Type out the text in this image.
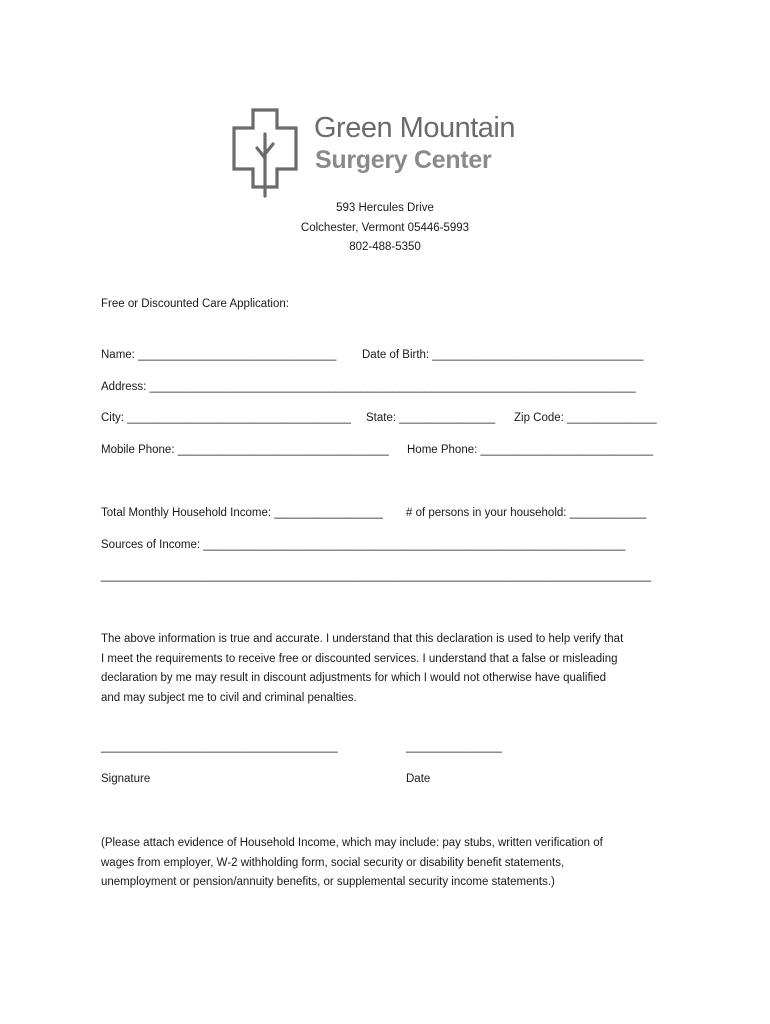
Green Mountain
Surgery Center
593 Hercules Drive
Colchester, Vermont 05446-5993
802-488-5350
Free or Discounted Care Application:
Name: _______________________________ Date of Birth: _________________________________
Address: ____________________________________________________________________________
City: ___________________________________ State: _______________ Zip Code: ______________
Mobile Phone: _________________________________ Home Phone: ___________________________
Total Monthly Household Income: _________________ # of persons in your household: ____________
Sources of Income: __________________________________________________________________
______________________________________________________________________________________
The above information is true and accurate. I understand that this declaration is used to help verify that
I meet the requirements to receive free or discounted services. I understand that a false or misleading
declaration by me may result in discount adjustments for which I would not otherwise have qualified
and may subject me to civil and criminal penalties.
_____________________________________	_______________
Signature	Date
(Please attach evidence of Household Income, which may include: pay stubs, written verification of
wages from employer, W-2 withholding form, social security or disability benefit statements,
unemployment or pension/annuity benefits, or supplemental security income statements.)
